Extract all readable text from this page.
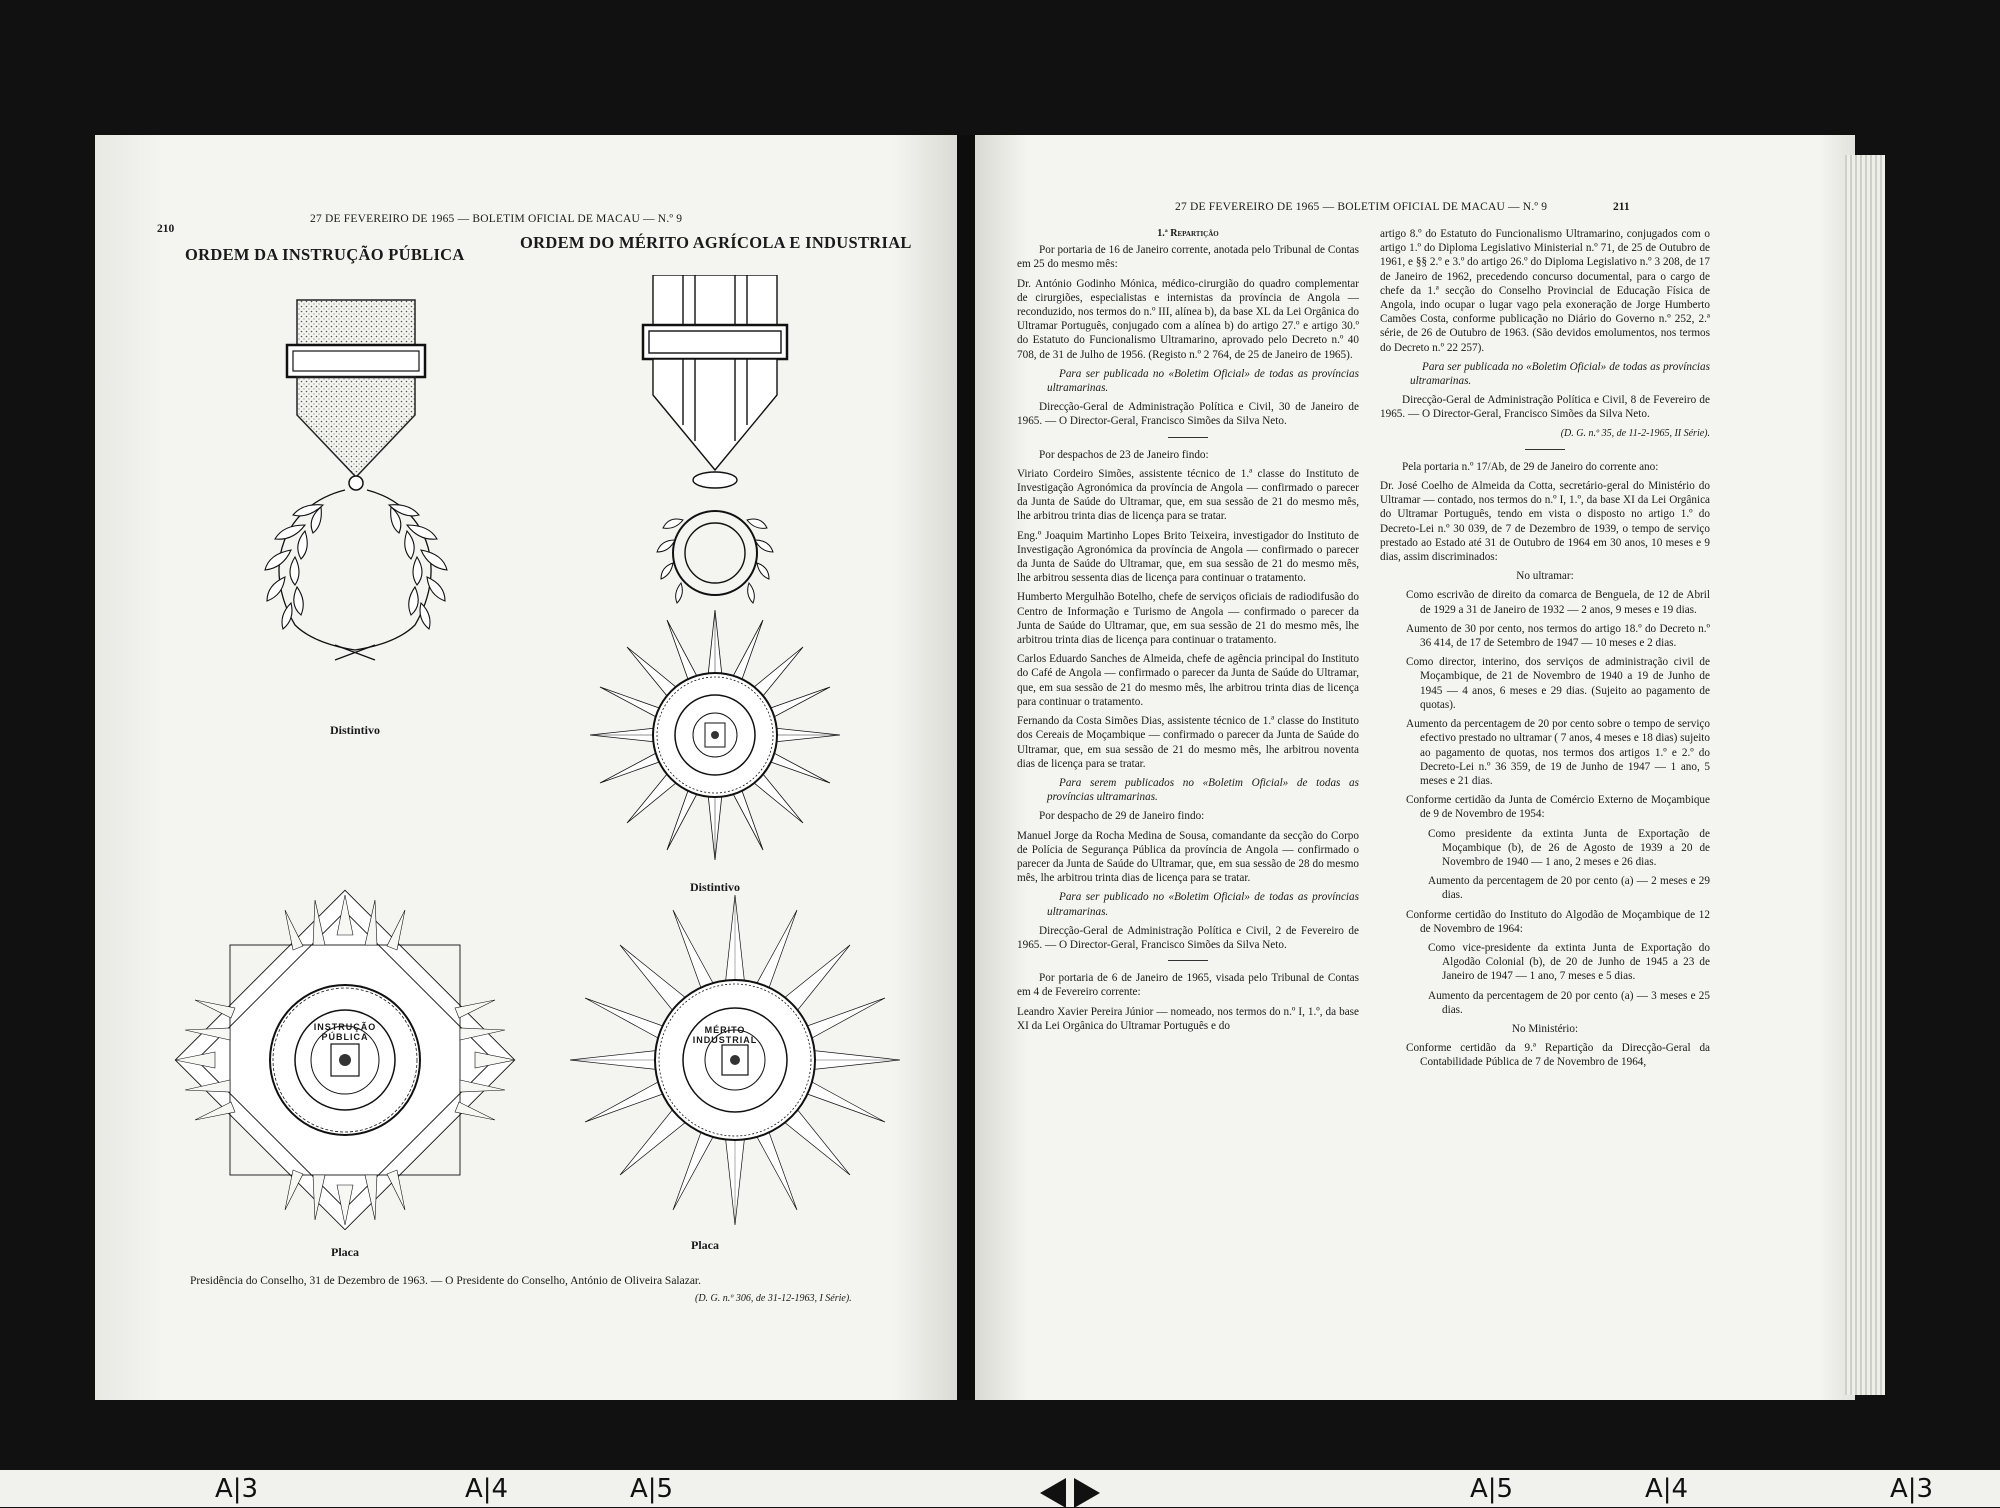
210
27 DE FEVEREIRO DE 1965 — BOLETIM OFICIAL DE MACAU — N.º 9
ORDEM DA INSTRUÇÃO PÚBLICA
ORDEM DO MÉRITO AGRÍCOLA E INDUSTRIAL
Distintivo
Distintivo
Placa	Placa
INSTRUÇÃO PÚBLICA
MÉRITO INDUSTRIAL
Presidência do Conselho, 31 de Dezembro de 1963. — O Presidente do Conselho, António de Oliveira Salazar.
(D. G. n.º 306, de 31-12-1963, I Série).
27 DE FEVEREIRO DE 1965 — BOLETIM OFICIAL DE MACAU — N.º 9	211

1.ª Repartição

Por portaria de 16 de Janeiro corrente, anotada pelo Tribunal de Contas em 25 do mesmo mês:

Dr. António Godinho Mónica, médico-cirurgião do quadro complementar de cirurgiões, especialistas e internistas da província de Angola — reconduzido, nos termos do n.º III, alínea b), da base XL da Lei Orgânica do Ultramar Português, conjugado com a alínea b) do artigo 27.º e artigo 30.º do Estatuto do Funcionalismo Ultramarino, aprovado pelo Decreto n.º 40 708, de 31 de Julho de 1956. (Registo n.º 2 764, de 25 de Janeiro de 1965).

Para ser publicada no «Boletim Oficial» de todas as províncias ultramarinas.

Direcção-Geral de Administração Política e Civil, 30 de Janeiro de 1965. — O Director-Geral, Francisco Simões da Silva Neto.

Por despachos de 23 de Janeiro findo:

Viriato Cordeiro Simões, assistente técnico de 1.ª classe do Instituto de Investigação Agronómica da província de Angola — confirmado o parecer da Junta de Saúde do Ultramar, que, em sua sessão de 21 do mesmo mês, lhe arbitrou trinta dias de licença para se tratar.

Eng.º Joaquim Martinho Lopes Brito Teixeira, investigador do Instituto de Investigação Agronómica da província de Angola — confirmado o parecer da Junta de Saúde do Ultramar, que, em sua sessão de 21 do mesmo mês, lhe arbitrou sessenta dias de licença para continuar o tratamento.

Humberto Mergulhão Botelho, chefe de serviços oficiais de radiodifusão do Centro de Informação e Turismo de Angola — confirmado o parecer da Junta de Saúde do Ultramar, que, em sua sessão de 21 do mesmo mês, lhe arbitrou trinta dias de licença para continuar o tratamento.

Carlos Eduardo Sanches de Almeida, chefe de agência principal do Instituto do Café de Angola — confirmado o parecer da Junta de Saúde do Ultramar, que, em sua sessão de 21 do mesmo mês, lhe arbitrou trinta dias de licença para continuar o tratamento.

Fernando da Costa Simões Dias, assistente técnico de 1.ª classe do Instituto dos Cereais de Moçambique — confirmado o parecer da Junta de Saúde do Ultramar, que, em sua sessão de 21 do mesmo mês, lhe arbitrou noventa dias de licença para se tratar.

Para serem publicados no «Boletim Oficial» de todas as províncias ultramarinas.

Por despacho de 29 de Janeiro findo:

Manuel Jorge da Rocha Medina de Sousa, comandante da secção do Corpo de Polícia de Segurança Pública da província de Angola — confirmado o parecer da Junta de Saúde do Ultramar, que, em sua sessão de 28 do mesmo mês, lhe arbitrou trinta dias de licença para se tratar.

Para ser publicado no «Boletim Oficial» de todas as províncias ultramarinas.

Direcção-Geral de Administração Política e Civil, 2 de Fevereiro de 1965. — O Director-Geral, Francisco Simões da Silva Neto.

Por portaria de 6 de Janeiro de 1965, visada pelo Tribunal de Contas em 4 de Fevereiro corrente:

Leandro Xavier Pereira Júnior — nomeado, nos termos do n.º I, 1.º, da base XI da Lei Orgânica do Ultramar Português e do

artigo 8.º do Estatuto do Funcionalismo Ultramarino, conjugados com o artigo 1.º do Diploma Legislativo Ministerial n.º 71, de 25 de Outubro de 1961, e §§ 2.º e 3.º do artigo 26.º do Diploma Legislativo n.º 3 208, de 17 de Janeiro de 1962, precedendo concurso documental, para o cargo de chefe da 1.ª secção do Conselho Provincial de Educação Física de Angola, indo ocupar o lugar vago pela exoneração de Jorge Humberto Camões Costa, conforme publicação no Diário do Governo n.º 252, 2.ª série, de 26 de Outubro de 1963. (São devidos emolumentos, nos termos do Decreto n.º 22 257).

Para ser publicada no «Boletim Oficial» de todas as províncias ultramarinas.

Direcção-Geral de Administração Política e Civil, 8 de Fevereiro de 1965. — O Director-Geral, Francisco Simões da Silva Neto.

(D. G. n.º 35, de 11-2-1965, II Série).

Pela portaria n.º 17/Ab, de 29 de Janeiro do corrente ano:

Dr. José Coelho de Almeida da Cotta, secretário-geral do Ministério do Ultramar — contado, nos termos do n.º I, 1.º, da base XI da Lei Orgânica do Ultramar Português, tendo em vista o disposto no artigo 1.º do Decreto-Lei n.º 30 039, de 7 de Dezembro de 1939, o tempo de serviço prestado ao Estado até 31 de Outubro de 1964 em 30 anos, 10 meses e 9 dias, assim discriminados:

No ultramar:

Como escrivão de direito da comarca de Benguela, de 12 de Abril de 1929 a 31 de Janeiro de 1932 — 2 anos, 9 meses e 19 dias.

Aumento de 30 por cento, nos termos do artigo 18.º do Decreto n.º 36 414, de 17 de Setembro de 1947 — 10 meses e 2 dias.

Como director, interino, dos serviços de administração civil de Moçambique, de 21 de Novembro de 1940 a 19 de Junho de 1945 — 4 anos, 6 meses e 29 dias. (Sujeito ao pagamento de quotas).

Aumento da percentagem de 20 por cento sobre o tempo de serviço efectivo prestado no ultramar ( 7 anos, 4 meses e 18 dias) sujeito ao pagamento de quotas, nos termos dos artigos 1.º e 2.º do Decreto-Lei n.º 36 359, de 19 de Junho de 1947 — 1 ano, 5 meses e 21 dias.

Conforme certidão da Junta de Comércio Externo de Moçambique de 9 de Novembro de 1954:

Como presidente da extinta Junta de Exportação de Moçambique (b), de 26 de Agosto de 1939 a 20 de Novembro de 1940 — 1 ano, 2 meses e 26 dias.

Aumento da percentagem de 20 por cento (a) — 2 meses e 29 dias.

Conforme certidão do Instituto do Algodão de Moçambique de 12 de Novembro de 1964:

Como vice-presidente da extinta Junta de Exportação do Algodão Colonial (b), de 20 de Junho de 1945 a 23 de Janeiro de 1947 — 1 ano, 7 meses e 5 dias.

Aumento da percentagem de 20 por cento (a) — 3 meses e 25 dias.

No Ministério:

Conforme certidão da 9.ª Repartição da Direcção-Geral da Contabilidade Pública de 7 de Novembro de 1964,

A|3	A|4	A|5	A|5	A|4	A|3
